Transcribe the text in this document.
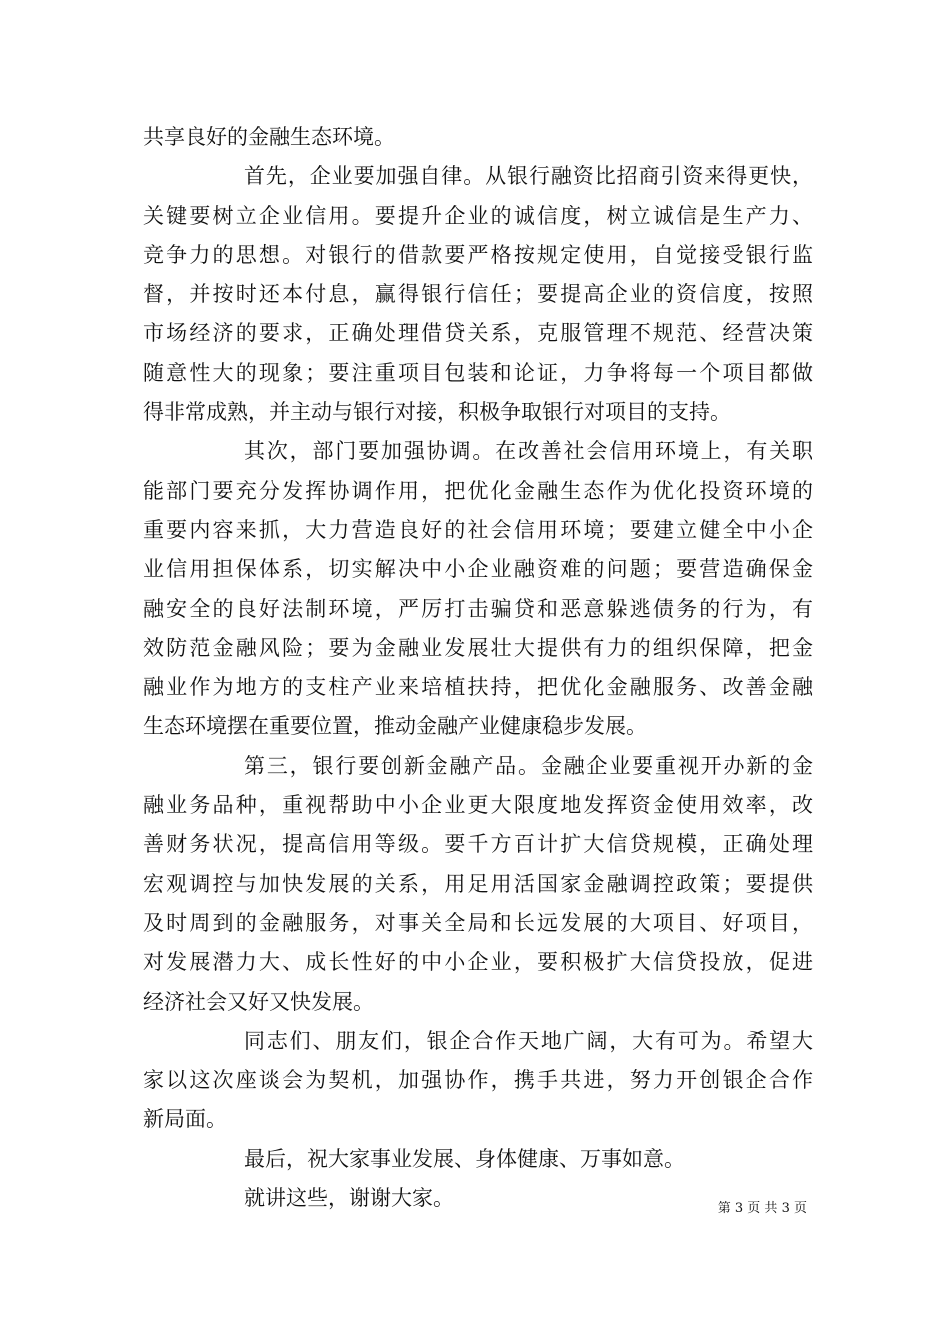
共享良好的金融生态环境。
首先，企业要加强自律。从银行融资比招商引资来得更快，
关键要树立企业信用。要提升企业的诚信度，树立诚信是生产力、
竞争力的思想。对银行的借款要严格按规定使用，自觉接受银行监
督，并按时还本付息，赢得银行信任；要提高企业的资信度，按照
市场经济的要求，正确处理借贷关系，克服管理不规范、经营决策
随意性大的现象；要注重项目包装和论证，力争将每一个项目都做
得非常成熟，并主动与银行对接，积极争取银行对项目的支持。
其次，部门要加强协调。在改善社会信用环境上，有关职
能部门要充分发挥协调作用，把优化金融生态作为优化投资环境的
重要内容来抓，大力营造良好的社会信用环境；要建立健全中小企
业信用担保体系，切实解决中小企业融资难的问题；要营造确保金
融安全的良好法制环境，严厉打击骗贷和恶意躲逃债务的行为，有
效防范金融风险；要为金融业发展壮大提供有力的组织保障，把金
融业作为地方的支柱产业来培植扶持，把优化金融服务、改善金融
生态环境摆在重要位置，推动金融产业健康稳步发展。
第三，银行要创新金融产品。金融企业要重视开办新的金
融业务品种，重视帮助中小企业更大限度地发挥资金使用效率，改
善财务状况，提高信用等级。要千方百计扩大信贷规模，正确处理
宏观调控与加快发展的关系，用足用活国家金融调控政策；要提供
及时周到的金融服务，对事关全局和长远发展的大项目、好项目，
对发展潜力大、成长性好的中小企业，要积极扩大信贷投放，促进
经济社会又好又快发展。
同志们、朋友们，银企合作天地广阔，大有可为。希望大
家以这次座谈会为契机，加强协作，携手共进，努力开创银企合作
新局面。
最后，祝大家事业发展、身体健康、万事如意。
就讲这些，谢谢大家。	第 3 页 共 3 页
